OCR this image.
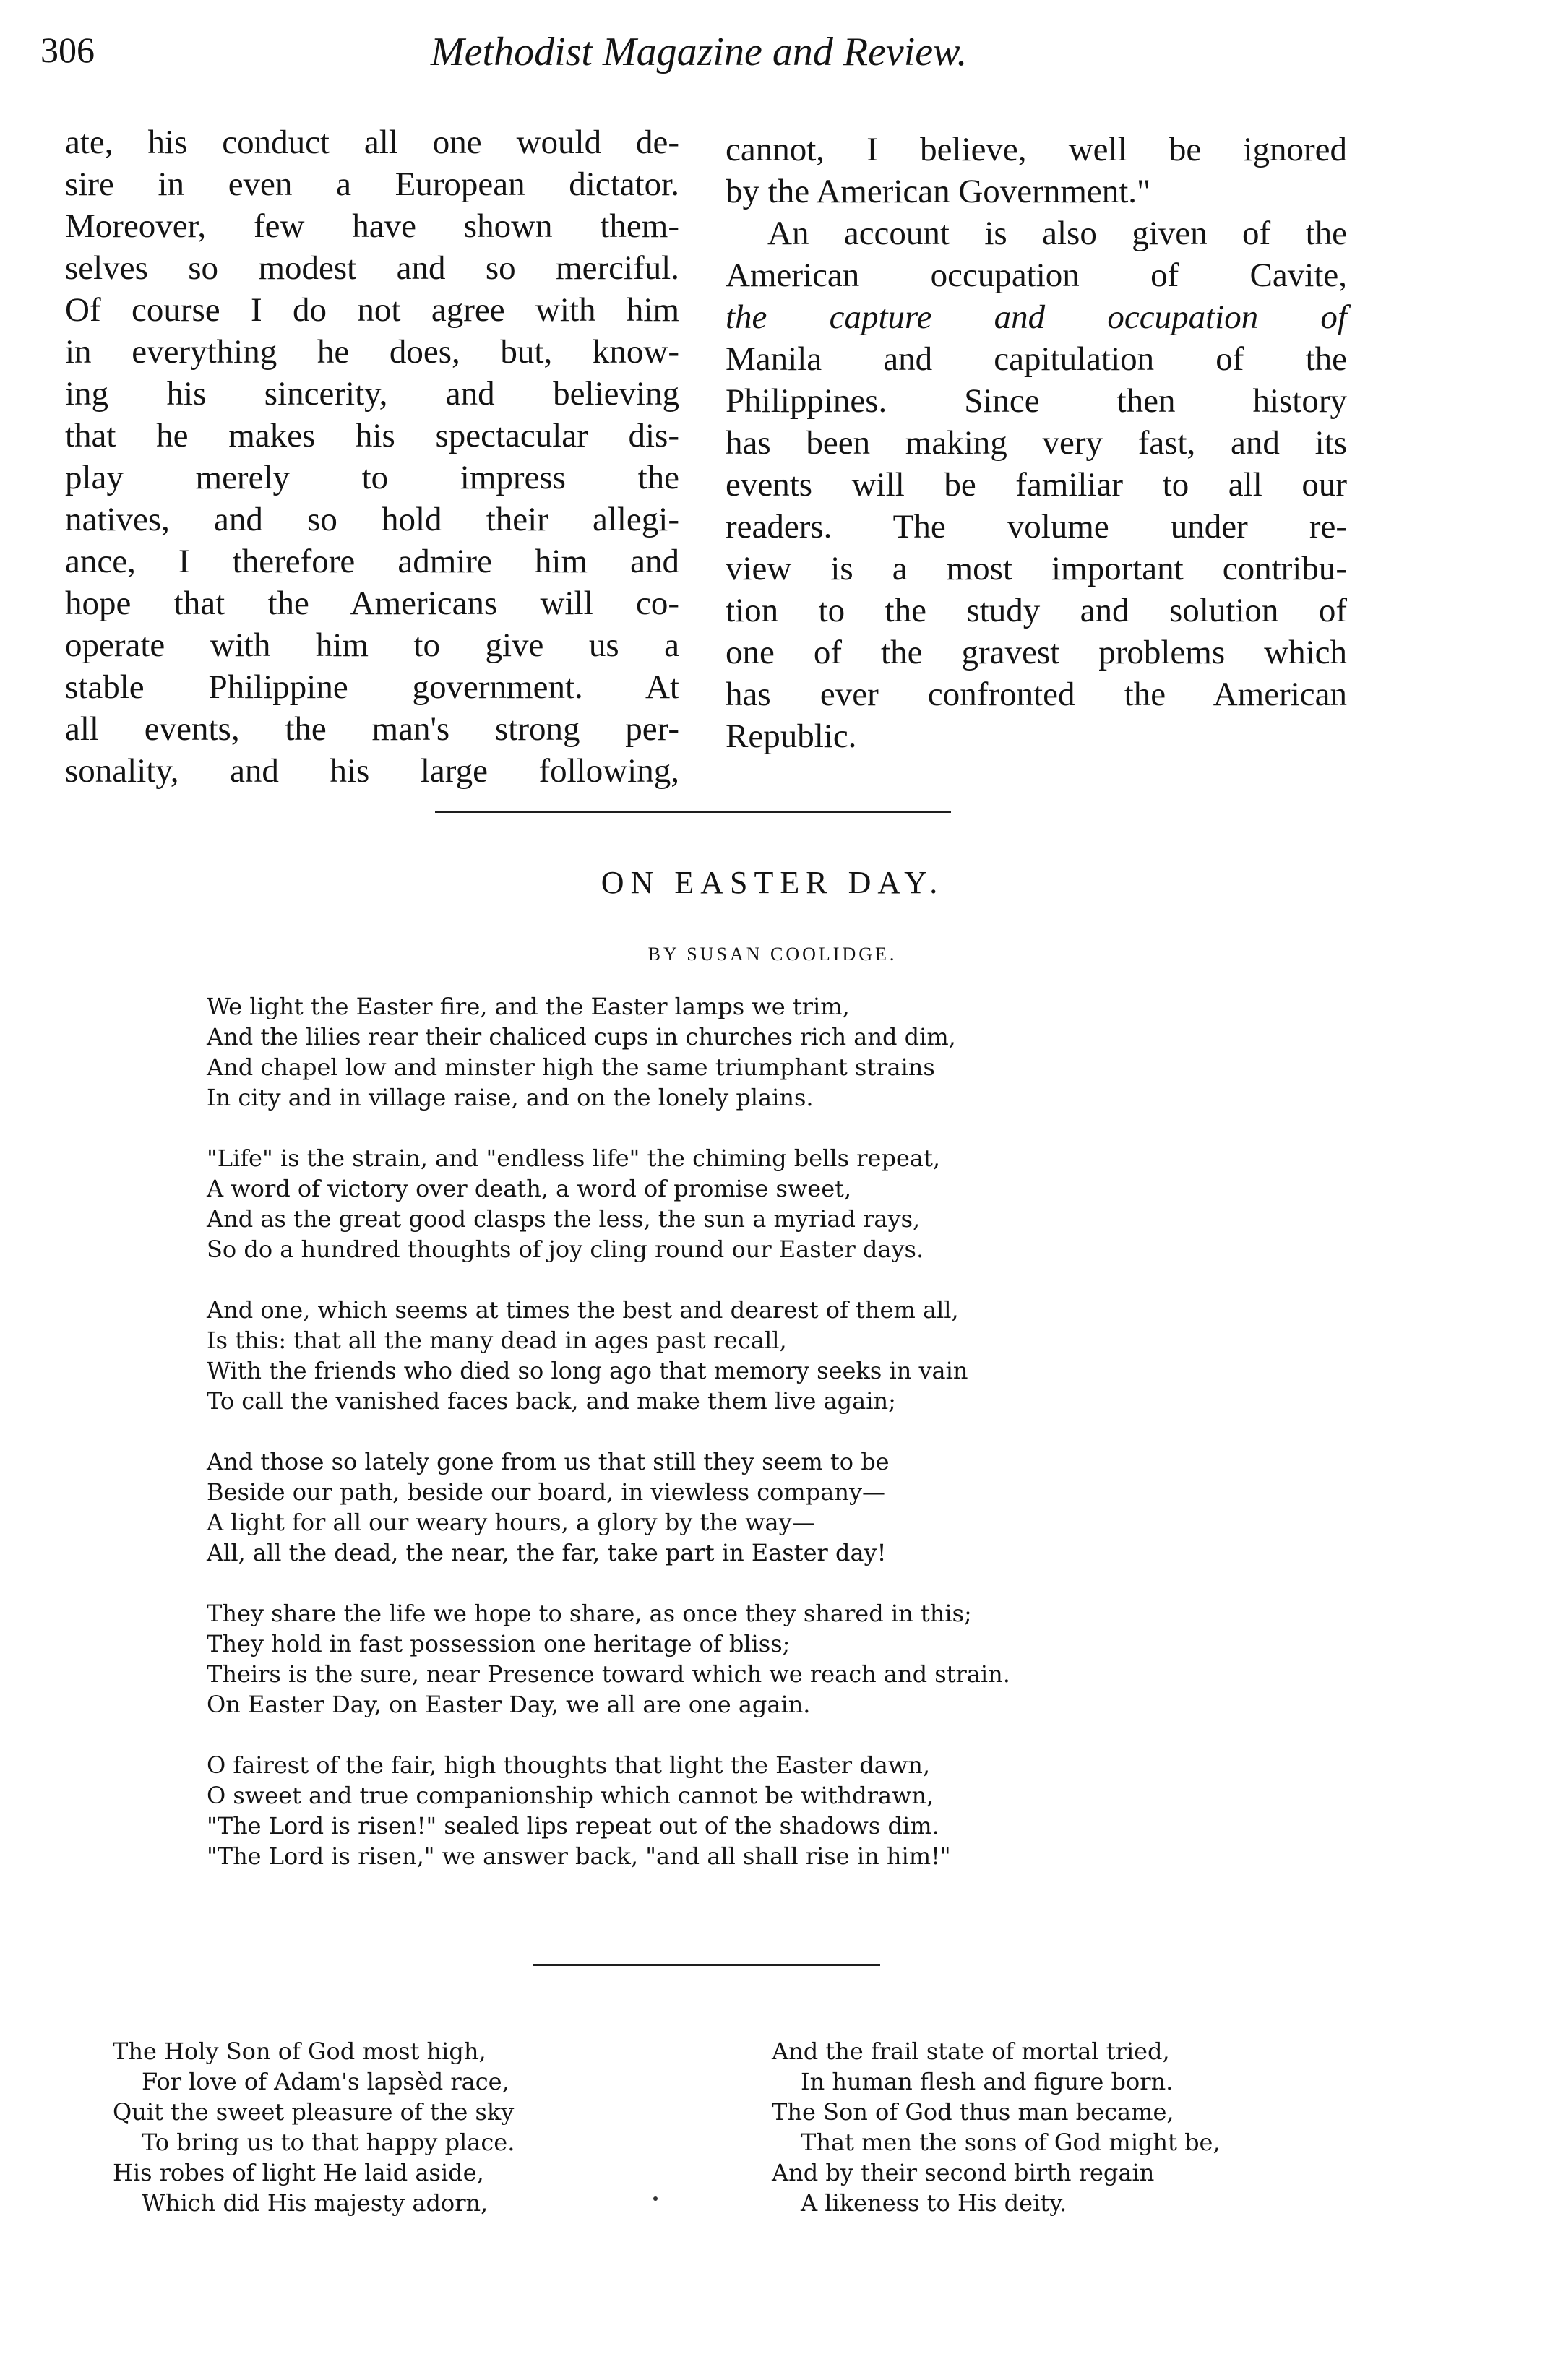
306	Methodist Magazine and Review.
ate, his conduct all one would de-
sire in even a European dictator.
Moreover, few have shown them-
selves so modest and so merciful.
Of course I do not agree with him
in everything he does, but, know-
ing his sincerity, and believing
that he makes his spectacular dis-
play merely to impress the
natives, and so hold their allegi-
ance, I therefore admire him and
hope that the Americans will co-
operate with him to give us a
stable Philippine government. At
all events, the man's strong per-
sonality, and his large following,
cannot, I believe, well be ignored
by the American Government."
An account is also given of the
American occupation of Cavite,
the capture and occupation of
Manila and capitulation of the
Philippines. Since then history
has been making very fast, and its
events will be familiar to all our
readers. The volume under re-
view is a most important contribu-
tion to the study and solution of
one of the gravest problems which
has ever confronted the American
Republic.
ON EASTER DAY.
BY SUSAN COOLIDGE.
We light the Easter fire, and the Easter lamps we trim,
And the lilies rear their chaliced cups in churches rich and dim,
And chapel low and minster high the same triumphant strains
In city and in village raise, and on the lonely plains.
"Life" is the strain, and "endless life" the chiming bells repeat,
A word of victory over death, a word of promise sweet,
And as the great good clasps the less, the sun a myriad rays,
So do a hundred thoughts of joy cling round our Easter days.
And one, which seems at times the best and dearest of them all,
Is this: that all the many dead in ages past recall,
With the friends who died so long ago that memory seeks in vain
To call the vanished faces back, and make them live again;
And those so lately gone from us that still they seem to be
Beside our path, beside our board, in viewless company—
A light for all our weary hours, a glory by the way—
All, all the dead, the near, the far, take part in Easter day!
They share the life we hope to share, as once they shared in this;
They hold in fast possession one heritage of bliss;
Theirs is the sure, near Presence toward which we reach and strain.
On Easter Day, on Easter Day, we all are one again.
O fairest of the fair, high thoughts that light the Easter dawn,
O sweet and true companionship which cannot be withdrawn,
"The Lord is risen!" sealed lips repeat out of the shadows dim.
"The Lord is risen," we answer back, "and all shall rise in him!"
The Holy Son of God most high,
For love of Adam's lapsèd race,
Quit the sweet pleasure of the sky
To bring us to that happy place.
His robes of light He laid aside,
Which did His majesty adorn,
And the frail state of mortal tried,
In human flesh and figure born.
The Son of God thus man became,
That men the sons of God might be,
And by their second birth regain
A likeness to His deity.
